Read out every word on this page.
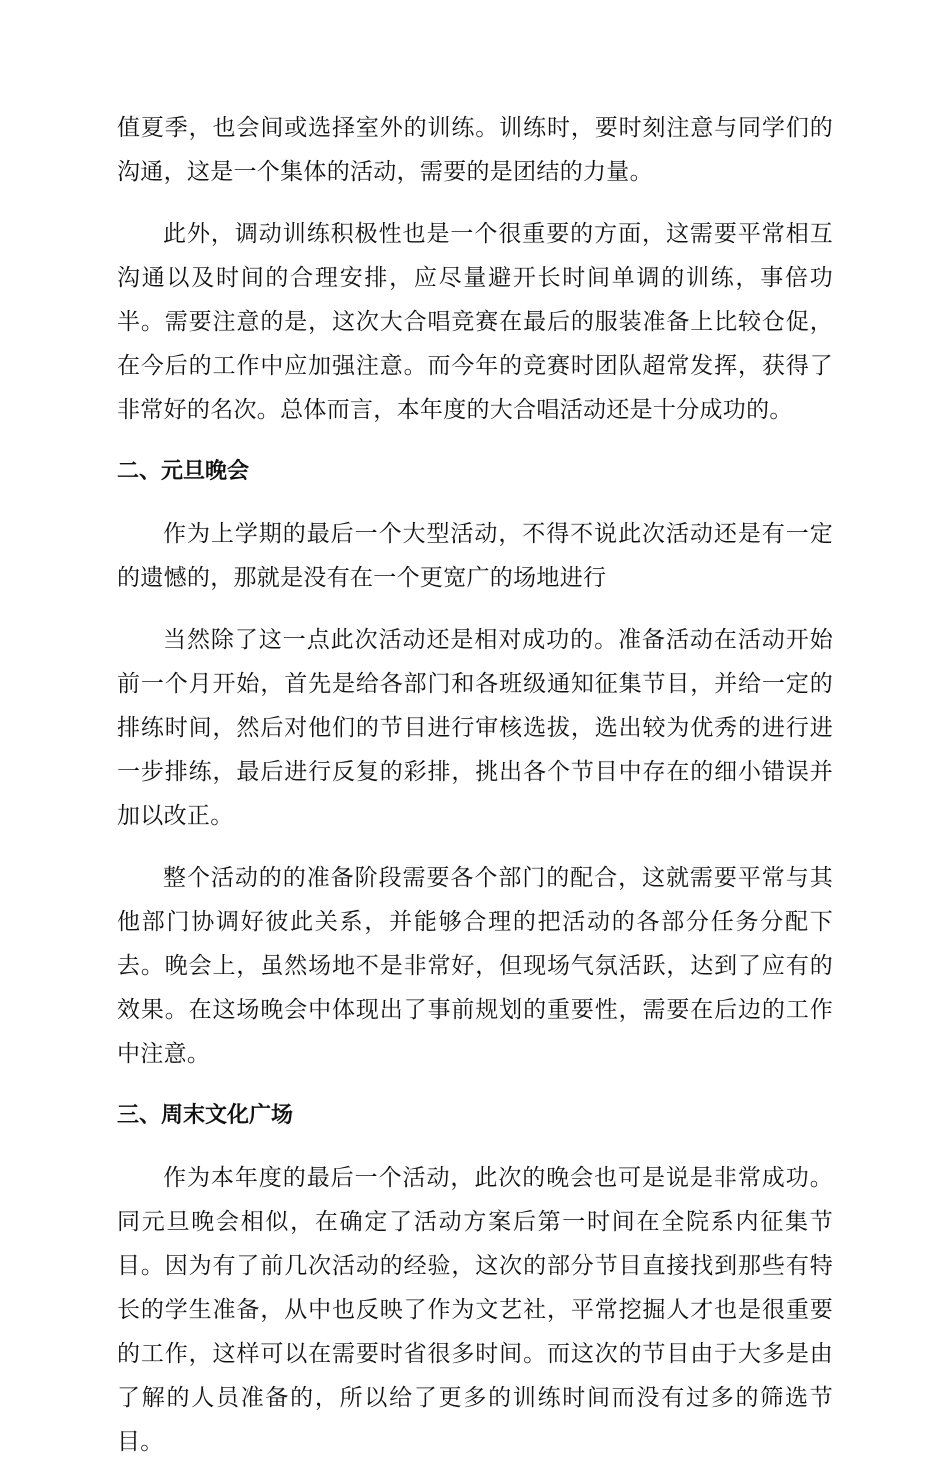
值夏季，也会间或选择室外的训练。训练时，要时刻注意与同学们的沟通，这是一个集体的活动，需要的是团结的力量。

此外，调动训练积极性也是一个很重要的方面，这需要平常相互沟通以及时间的合理安排，应尽量避开长时间单调的训练，事倍功半。需要注意的是，这次大合唱竞赛在最后的服装准备上比较仓促，在今后的工作中应加强注意。而今年的竞赛时团队超常发挥，获得了非常好的名次。总体而言，本年度的大合唱活动还是十分成功的。

二、元旦晚会

作为上学期的最后一个大型活动，不得不说此次活动还是有一定的遗憾的，那就是没有在一个更宽广的场地进行

当然除了这一点此次活动还是相对成功的。准备活动在活动开始前一个月开始，首先是给各部门和各班级通知征集节目，并给一定的排练时间，然后对他们的节目进行审核选拔，选出较为优秀的进行进一步排练，最后进行反复的彩排，挑出各个节目中存在的细小错误并加以改正。

整个活动的的准备阶段需要各个部门的配合，这就需要平常与其他部门协调好彼此关系，并能够合理的把活动的各部分任务分配下去。晚会上，虽然场地不是非常好，但现场气氛活跃，达到了应有的效果。在这场晚会中体现出了事前规划的重要性，需要在后边的工作中注意。

三、周末文化广场

作为本年度的最后一个活动，此次的晚会也可是说是非常成功。同元旦晚会相似，在确定了活动方案后第一时间在全院系内征集节目。因为有了前几次活动的经验，这次的部分节目直接找到那些有特长的学生准备，从中也反映了作为文艺社，平常挖掘人才也是很重要的工作，这样可以在需要时省很多时间。而这次的节目由于大多是由了解的人员准备的，所以给了更多的训练时间而没有过多的筛选节目。
